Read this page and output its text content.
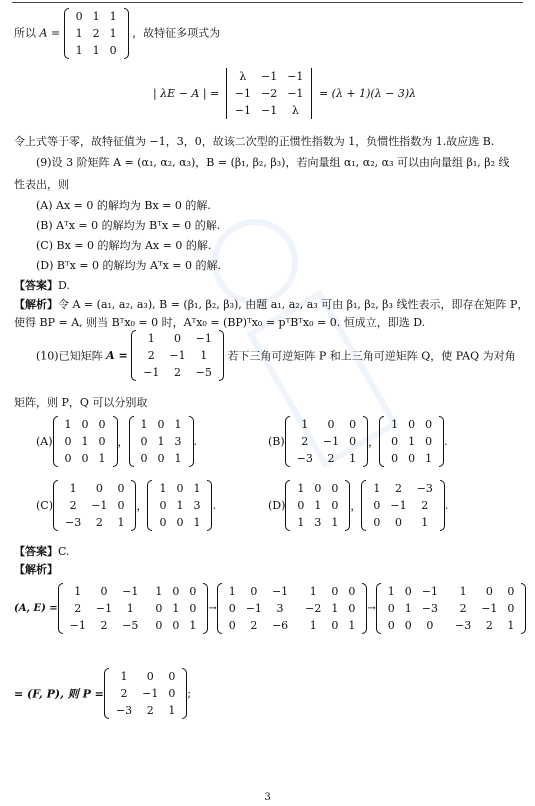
所以 A =
0	1	1
1	2	1
1	1	0
，故特征多项式为
| λE − A | =
λ	−1	−1
−1	−2	−1
−1	−1	λ
= (λ + 1)(λ − 3)λ
令上式等于零，故特征值为 −1，3，0，故该二次型的正惯性指数为 1，负惯性指数为 1.故应选 B.
(9)设 3 阶矩阵 A = (α₁, α₂, α₃)，B = (β₁, β₂, β₃)，若向量组 α₁, α₂, α₃ 可以由向量组 β₁, β₂ 线
性表出，则
(A) Ax = 0 的解均为 Bx = 0 的解.
(B) Aᵀx = 0 的解均为 Bᵀx = 0 的解.
(C) Bx = 0 的解均为 Ax = 0 的解.
(D) Bᵀx = 0 的解均为 Aᵀx = 0 的解.
【答案】D.
【解析】令 A = (a₁, a₂, a₃), B = (β₁, β₂, β₃), 由题 a₁, a₂, a₃ 可由 β₁, β₂, β₃ 线性表示，即存在矩阵 P，
使得 BP = A, 则当 Bᵀx₀ = 0 时，Aᵀx₀ = (BP)ᵀx₀ = pᵀBᵀx₀ = 0. 恒成立，即选 D.
(10)已知矩阵 A =
1	0	−1
2	−1	1
−1	2	−5
若下三角可逆矩阵 P 和上三角可逆矩阵 Q，使 PAQ 为对角
矩阵，则 P，Q 可以分别取
(A)
1	0	0
0	1	0
0	0	1
，
1	0	1
0	1	3
0	0	1
.	(B)
1	0	0
2	−1	0
−3	2	1
，
1	0	0
0	1	0
0	0	1
.
(C)
1	0	0
2	−1	0
−3	2	1
，
1	0	1
0	1	3
0	0	1
.	(D)
1	0	0
0	1	0
1	3	1
，
1	2	−3
0	−1	2
0	0	1
.
【答案】C.
【解析】
(A, E) =
1	0	−1	1	0	0
2	−1	1	0	1	0
−1	2	−5	0	0	1
→
1	0	−1	1	0	0
0	−1	3	−2	1	0
0	2	−6	1	0	1
→
1	0	−1	1	0	0
0	1	−3	2	−1	0
0	0	0	−3	2	1
= (F, P), 则 P =
1	0	0
2	−1	0
−3	2	1
;
3
